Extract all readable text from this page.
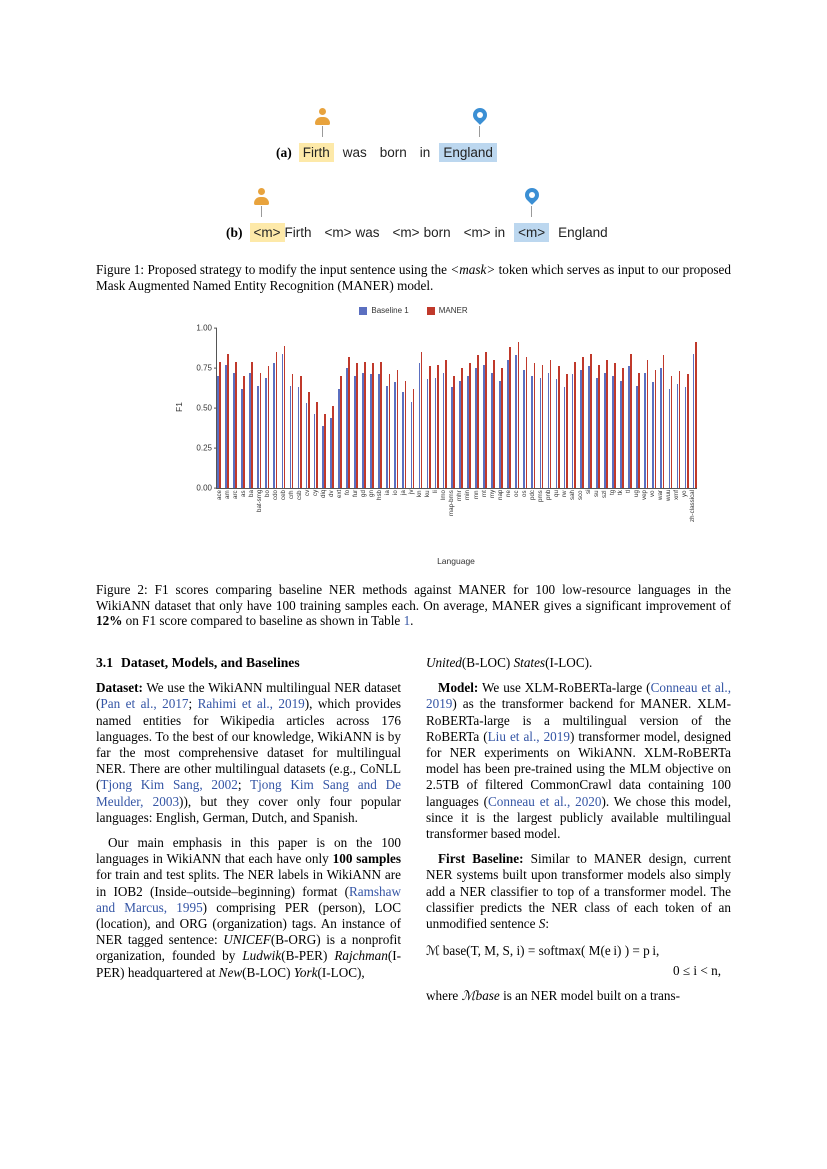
(a) Firth was born in England
(b) <m> Firth <m> was <m> born <m> in <m> England
Figure 1: Proposed strategy to modify the input sentence using the <mask> token which serves as input to our proposed Mask Augmented Named Entity Recognition (MANER) model.
Baseline 1	MANER
F1
0.00
0.25
0.50
0.75
1.00
ace am arc as ba bat-smg bo cdo ceb crh csb cv cy diq dv ext fo fur gd gn hsb ia io ja jv kn ku li lmo map-bms mhr min mn mt my nap ne oc os pdc pms pnb qu rw sah sco si su szl tg tk tl ug vep vo war wuu xmf yo zh-classical
Language
Figure 2: F1 scores comparing baseline NER methods against MANER for 100 low-resource languages in the WikiANN dataset that only have 100 training samples each. On average, MANER gives a significant improvement of 12% on F1 score compared to baseline as shown in Table 1.
3.1 Dataset, Models, and Baselines

Dataset: We use the WikiANN multilingual NER dataset (Pan et al., 2017; Rahimi et al., 2019), which provides named entities for Wikipedia articles across 176 languages. To the best of our knowledge, WikiANN is by far the most comprehensive dataset for multilingual NER. There are other multilingual datasets (e.g., CoNLL (Tjong Kim Sang, 2002; Tjong Kim Sang and De Meulder, 2003)), but they cover only four popular languages: English, German, Dutch, and Spanish.

Our main emphasis in this paper is on the 100 languages in WikiANN that each have only 100 samples for train and test splits. The NER labels in WikiANN are in IOB2 (Inside–outside–beginning) format (Ramshaw and Marcus, 1995) comprising PER (person), LOC (location), and ORG (organization) tags. An instance of NER tagged sentence: UNICEF(B-ORG) is a nonprofit organization, founded by Ludwik(B-PER) Rajchman(I-PER) headquartered at New(B-LOC) York(I-LOC),

United(B-LOC) States(I-LOC).

Model: We use XLM-RoBERTa-large (Conneau et al., 2019) as the transformer backend for MANER. XLM-RoBERTa-large is a multilingual version of the RoBERTa (Liu et al., 2019) transformer model, designed for NER experiments on WikiANN. XLM-RoBERTa model has been pre-trained using the MLM objective on 2.5TB of filtered CommonCrawl data containing 100 languages (Conneau et al., 2020). We chose this model, since it is the largest publicly available multilingual transformer based model.

First Baseline: Similar to MANER design, current NER systems built upon transformer models also simply add a NER classifier to top of a transformer model. The classifier predicts the NER class of each token of an unmodified sentence S:

ℳ base(T, M, S, i) = softmax( M(e i) ) = p i,
0 ≤ i < n,

where ℳbase is an NER model built on a trans-
